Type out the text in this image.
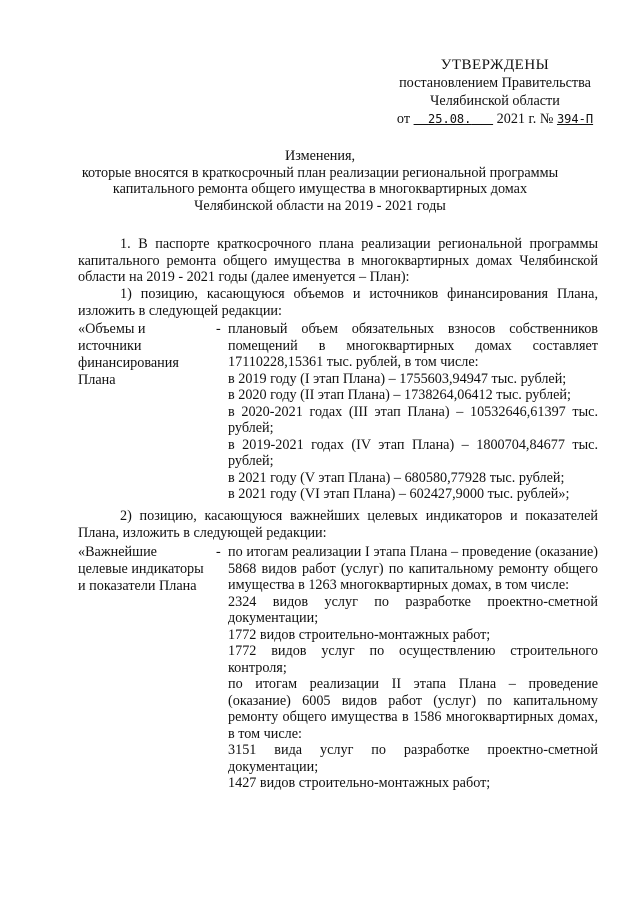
УТВЕРЖДЕНЫ
постановлением Правительства
Челябинской области
от 25.08. 2021 г. № 394-П
Изменения,
которые вносятся в краткосрочный план реализации региональной программы
капитального ремонта общего имущества в многоквартирных домах
Челябинской области на 2019 - 2021 годы
1. В паспорте краткосрочного плана реализации региональной программы капитального ремонта общего имущества в многоквартирных домах Челябинской области на 2019 - 2021 годы (далее именуется – План):
1) позицию, касающуюся объемов и источников финансирования Плана, изложить в следующей редакции:
«Объемы и источники финансирования Плана
- плановый объем обязательных взносов собственников помещений в многоквартирных домах составляет 17110228,15361 тыс. рублей, в том числе:

в 2019 году (I этап Плана) – 1755603,94947 тыс. рублей;

в 2020 году (II этап Плана) – 1738264,06412 тыс. рублей;

в 2020-2021 годах (III этап Плана) – 10532646,61397 тыс. рублей;

в 2019-2021 годах (IV этап Плана) – 1800704,84677 тыс. рублей;

в 2021 году (V этап Плана) – 680580,77928 тыс. рублей;

в 2021 году (VI этап Плана) – 602427,9000 тыс. рублей»;

2) позицию, касающуюся важнейших целевых индикаторов и показателей Плана, изложить в следующей редакции:
«Важнейшие целевые индикаторы и показатели Плана
- по итогам реализации I этапа Плана – проведение (оказание) 5868 видов работ (услуг) по капитальному ремонту общего имущества в 1263 многоквартирных домах, в том числе:

2324 видов услуг по разработке проектно-сметной документации;

1772 видов строительно-монтажных работ;

1772 видов услуг по осуществлению строительного контроля;

по итогам реализации II этапа Плана – проведение (оказание) 6005 видов работ (услуг) по капитальному ремонту общего имущества в 1586 многоквартирных домах, в том числе:

3151 вида услуг по разработке проектно-сметной документации;

1427 видов строительно-монтажных работ;
